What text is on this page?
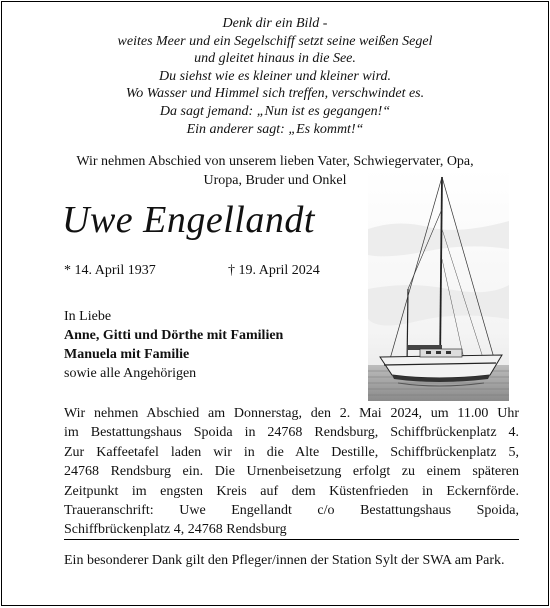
Denk dir ein Bild -
weites Meer und ein Segelschiff setzt seine weißen Segel
und gleitet hinaus in die See.
Du siehst wie es kleiner und kleiner wird.
Wo Wasser und Himmel sich treffen, verschwindet es.
Da sagt jemand: „Nun ist es gegangen!“
Ein anderer sagt: „Es kommt!“
Wir nehmen Abschied von unserem lieben Vater, Schwiegervater, Opa,
Uropa, Bruder und Onkel
Uwe Engellandt
* 14. April 1937	† 19. April 2024
In Liebe
Anne, Gitti und Dörthe mit Familien
Manuela mit Familie
sowie alle Angehörigen
Wir nehmen Abschied am Donnerstag, den 2. Mai 2024, um 11.00 Uhr
im Bestattungshaus Spoida in 24768 Rendsburg, Schiffbrückenplatz 4.
Zur Kaffeetafel laden wir in die Alte Destille, Schiffbrückenplatz 5,
24768 Rendsburg ein. Die Urnenbeisetzung erfolgt zu einem späteren
Zeitpunkt im engsten Kreis auf dem Küstenfrieden in Eckernförde.
Traueranschrift: Uwe Engellandt c/o Bestattungshaus Spoida,
Schiffbrückenplatz 4, 24768 Rendsburg
Ein besonderer Dank gilt den Pfleger/innen der Station Sylt der SWA am Park.
